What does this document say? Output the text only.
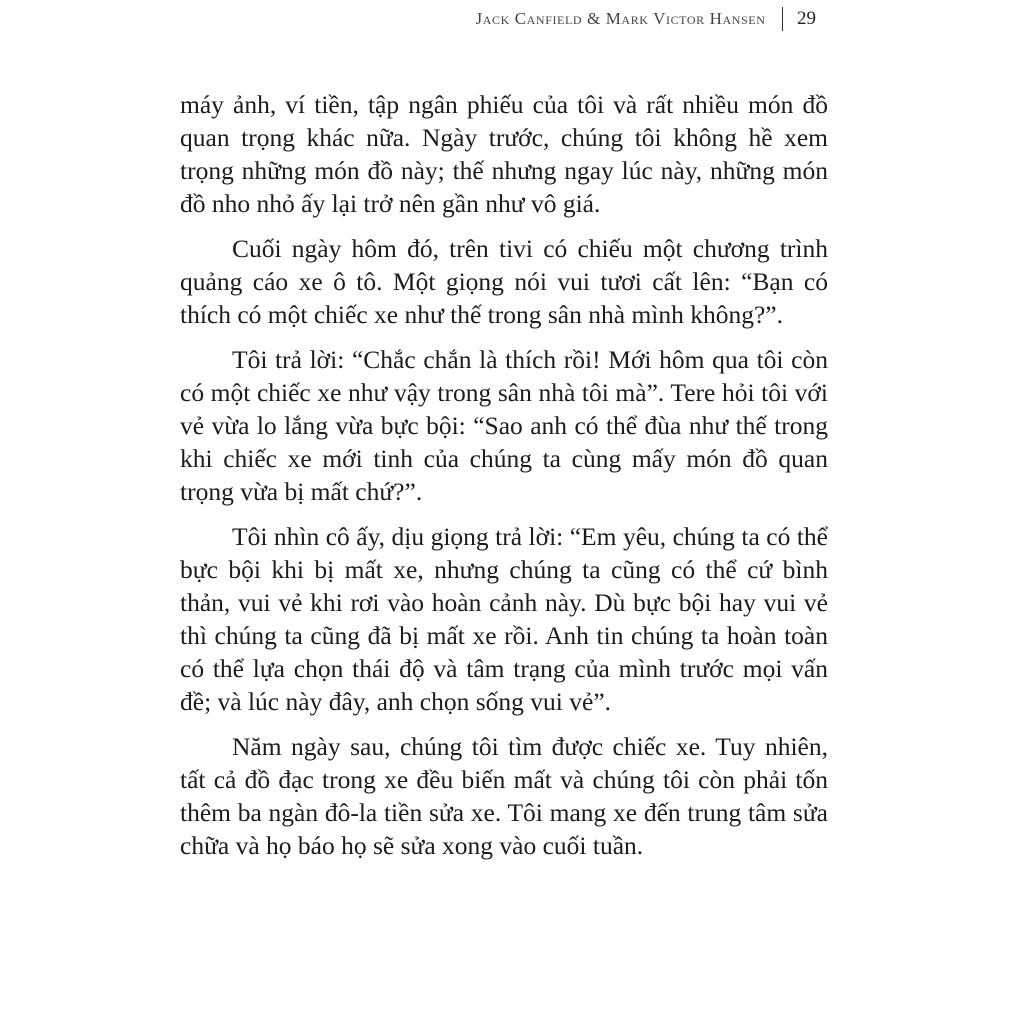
Jack Canfield & Mark Victor Hansen 29

máy ảnh, ví tiền, tập ngân phiếu của tôi và rất nhiều món đồ quan trọng khác nữa. Ngày trước, chúng tôi không hề xem trọng những món đồ này; thế nhưng ngay lúc này, những món đồ nho nhỏ ấy lại trở nên gần như vô giá.

Cuối ngày hôm đó, trên tivi có chiếu một chương trình quảng cáo xe ô tô. Một giọng nói vui tươi cất lên: “Bạn có thích có một chiếc xe như thế trong sân nhà mình không?”.

Tôi trả lời: “Chắc chắn là thích rồi! Mới hôm qua tôi còn có một chiếc xe như vậy trong sân nhà tôi mà”. Tere hỏi tôi với vẻ vừa lo lắng vừa bực bội: “Sao anh có thể đùa như thế trong khi chiếc xe mới tinh của chúng ta cùng mấy món đồ quan trọng vừa bị mất chứ?”.

Tôi nhìn cô ấy, dịu giọng trả lời: “Em yêu, chúng ta có thể bực bội khi bị mất xe, nhưng chúng ta cũng có thể cứ bình thản, vui vẻ khi rơi vào hoàn cảnh này. Dù bực bội hay vui vẻ thì chúng ta cũng đã bị mất xe rồi. Anh tin chúng ta hoàn toàn có thể lựa chọn thái độ và tâm trạng của mình trước mọi vấn đề; và lúc này đây, anh chọn sống vui vẻ”.

Năm ngày sau, chúng tôi tìm được chiếc xe. Tuy nhiên, tất cả đồ đạc trong xe đều biến mất và chúng tôi còn phải tốn thêm ba ngàn đô-la tiền sửa xe. Tôi mang xe đến trung tâm sửa chữa và họ báo họ sẽ sửa xong vào cuối tuần.
